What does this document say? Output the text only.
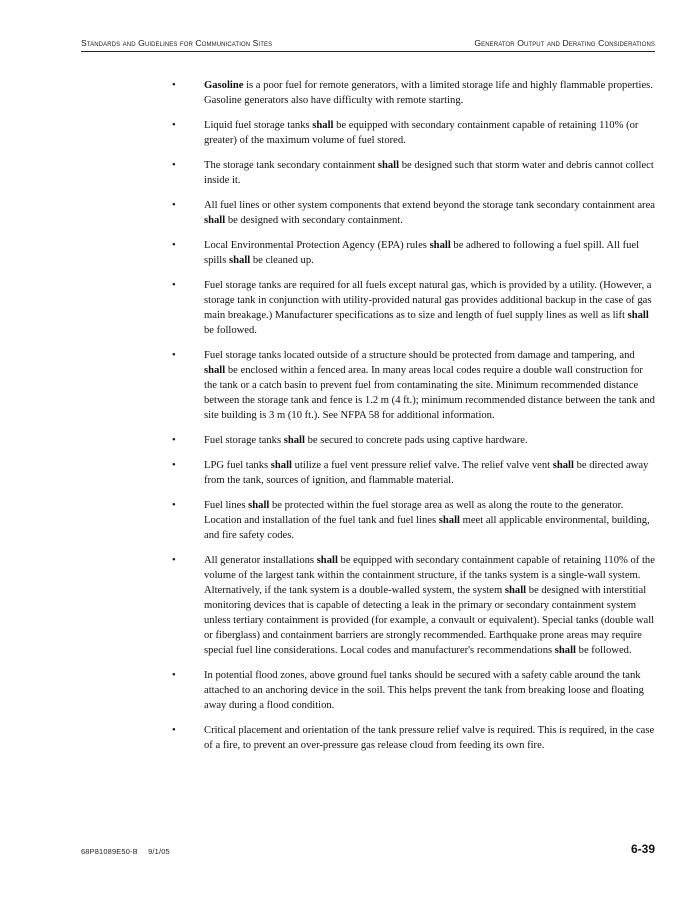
Standards and Guidelines for Communication Sites	Generator Output and Derating Considerations
•	Gasoline is a poor fuel for remote generators, with a limited storage life and highly flammable properties. Gasoline generators also have difficulty with remote starting.
•	Liquid fuel storage tanks shall be equipped with secondary containment capable of retaining 110% (or greater) of the maximum volume of fuel stored.
•	The storage tank secondary containment shall be designed such that storm water and debris cannot collect inside it.
•	All fuel lines or other system components that extend beyond the storage tank secondary containment area shall be designed with secondary containment.
•	Local Environmental Protection Agency (EPA) rules shall be adhered to following a fuel spill. All fuel spills shall be cleaned up.
•	Fuel storage tanks are required for all fuels except natural gas, which is provided by a utility. (However, a storage tank in conjunction with utility-provided natural gas provides additional backup in the case of gas main breakage.) Manufacturer specifications as to size and length of fuel supply lines as well as lift shall be followed.
•	Fuel storage tanks located outside of a structure should be protected from damage and tampering, and shall be enclosed within a fenced area. In many areas local codes require a double wall construction for the tank or a catch basin to prevent fuel from contaminating the site. Minimum recommended distance between the storage tank and fence is 1.2 m (4 ft.); minimum recommended distance between the tank and site building is 3 m (10 ft.). See NFPA 58 for additional information.
•	Fuel storage tanks shall be secured to concrete pads using captive hardware.
•	LPG fuel tanks shall utilize a fuel vent pressure relief valve. The relief valve vent shall be directed away from the tank, sources of ignition, and flammable material.
•	Fuel lines shall be protected within the fuel storage area as well as along the route to the generator. Location and installation of the fuel tank and fuel lines shall meet all applicable environmental, building, and fire safety codes.
•	All generator installations shall be equipped with secondary containment capable of retaining 110% of the volume of the largest tank within the containment structure, if the tanks system is a single-wall system. Alternatively, if the tank system is a double-walled system, the system shall be designed with interstitial monitoring devices that is capable of detecting a leak in the primary or secondary containment system unless tertiary containment is provided (for example, a convault or equivalent). Special tanks (double wall or fiberglass) and containment barriers are strongly recommended. Earthquake prone areas may require special fuel line considerations. Local codes and manufacturer's recommendations shall be followed.
•	In potential flood zones, above ground fuel tanks should be secured with a safety cable around the tank attached to an anchoring device in the soil. This helps prevent the tank from breaking loose and floating away during a flood condition.
•	Critical placement and orientation of the tank pressure relief valve is required. This is required, in the case of a fire, to prevent an over-pressure gas release cloud from feeding its own fire.
68P81089E50-B 9/1/05	6-39
